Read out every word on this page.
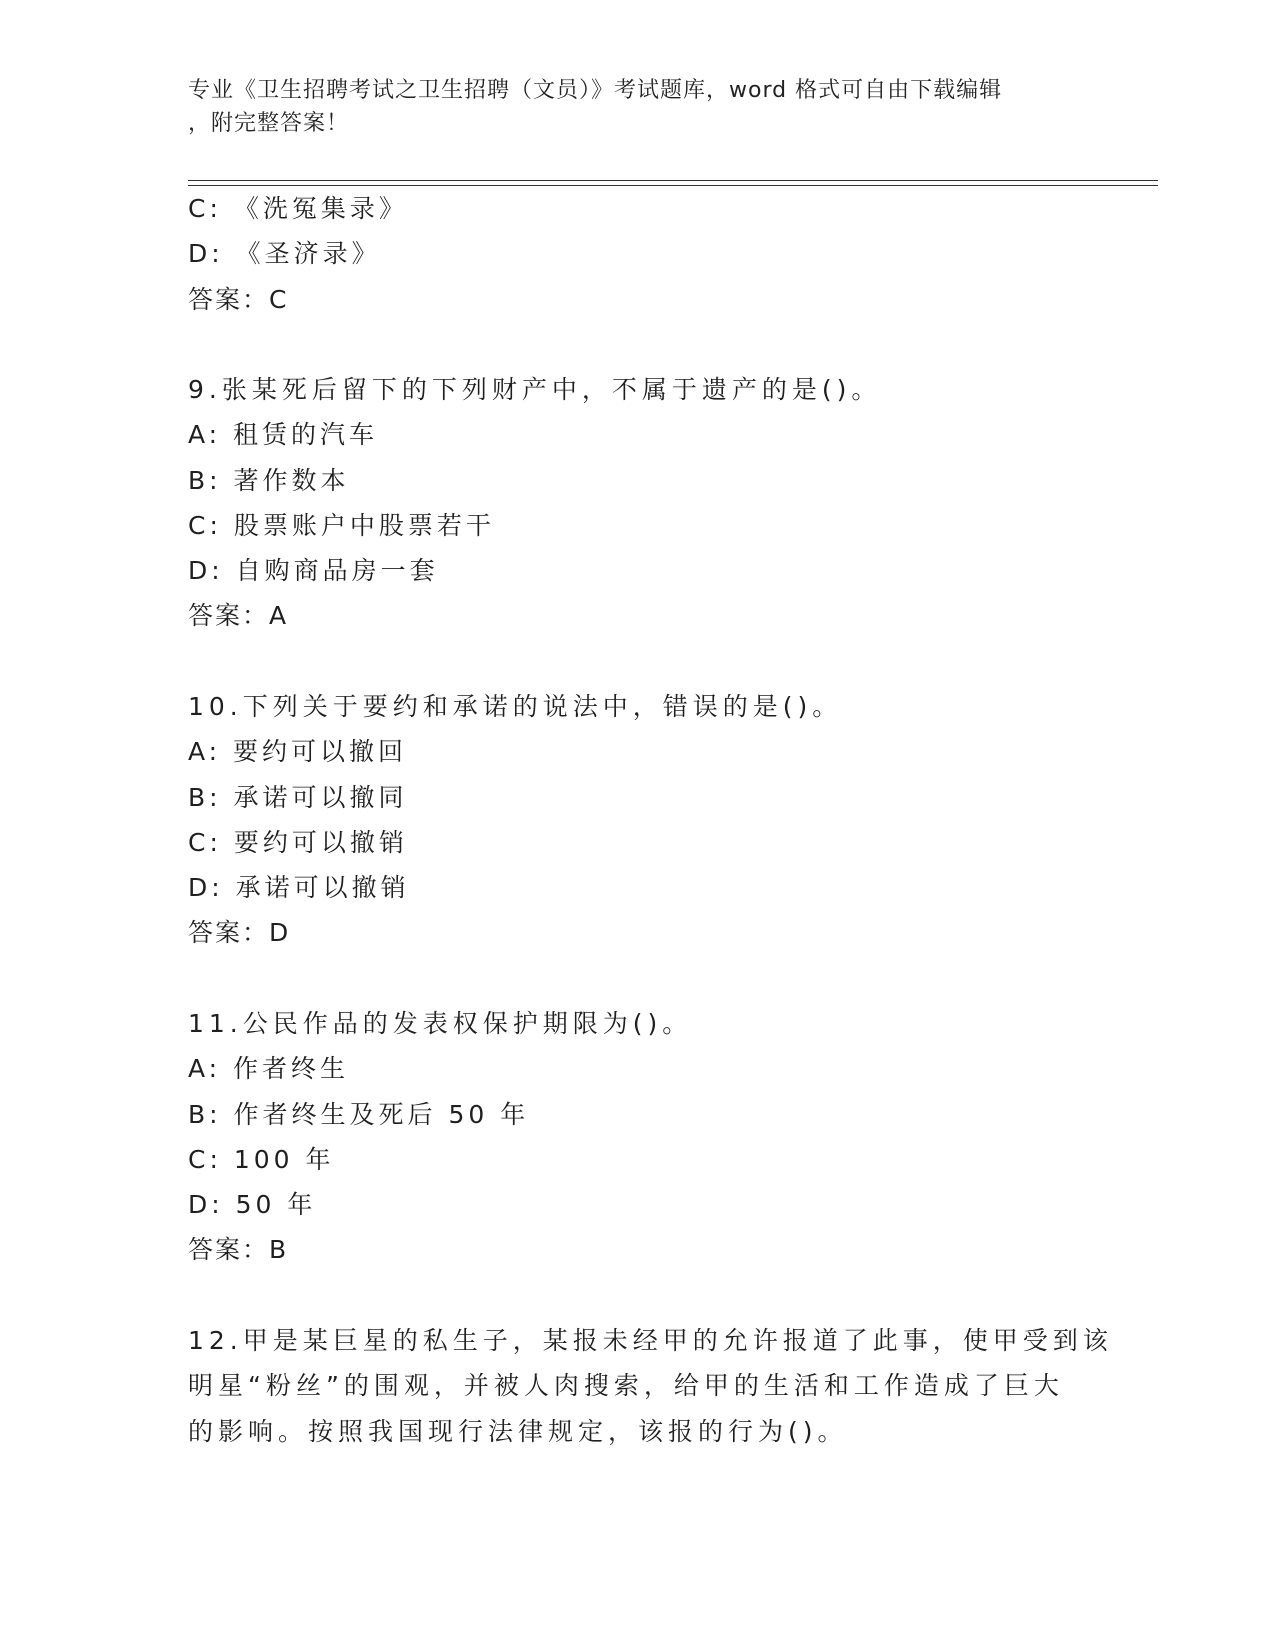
专业《卫生招聘考试之卫生招聘（文员）》考试题库，word 格式可自由下载编辑
，附完整答案！
C: 《洗冤集录》
D: 《圣济录》
答案：C
9.张某死后留下的下列财产中，不属于遗产的是()。
A: 租赁的汽车
B: 著作数本
C: 股票账户中股票若干
D: 自购商品房一套
答案：A
10.下列关于要约和承诺的说法中，错误的是()。
A: 要约可以撤回
B: 承诺可以撤同
C: 要约可以撤销
D: 承诺可以撤销
答案：D
11.公民作品的发表权保护期限为()。
A: 作者终生
B: 作者终生及死后 50 年
C: 100 年
D: 50 年
答案：B
12.甲是某巨星的私生子，某报未经甲的允许报道了此事，使甲受到该
明星“粉丝”的围观，并被人肉搜索，给甲的生活和工作造成了巨大
的影响。按照我国现行法律规定，该报的行为()。
